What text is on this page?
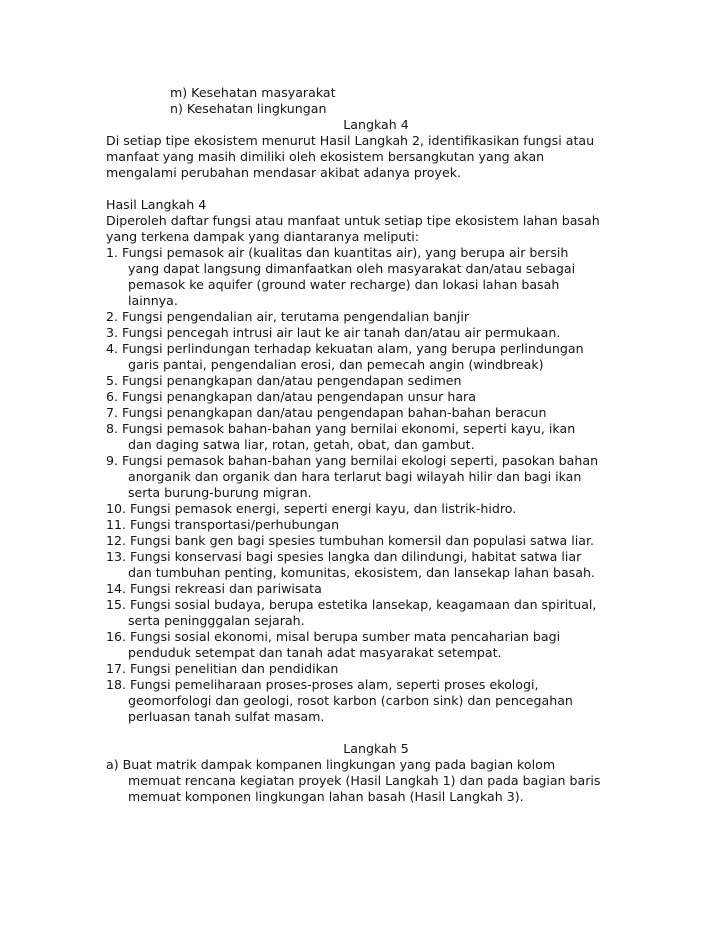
m) Kesehatan masyarakat
n) Kesehatan lingkungan
Langkah 4
Di setiap tipe ekosistem menurut Hasil Langkah 2, identifikasikan fungsi atau
manfaat yang masih dimiliki oleh ekosistem bersangkutan yang akan
mengalami perubahan mendasar akibat adanya proyek.
Hasil Langkah 4
Diperoleh daftar fungsi atau manfaat untuk setiap tipe ekosistem lahan basah
yang terkena dampak yang diantaranya meliputi:
1. Fungsi pemasok air (kualitas dan kuantitas air), yang berupa air bersih
yang dapat langsung dimanfaatkan oleh masyarakat dan/atau sebagai
pemasok ke aquifer (ground water recharge) dan lokasi lahan basah
lainnya.
2. Fungsi pengendalian air, terutama pengendalian banjir
3. Fungsi pencegah intrusi air laut ke air tanah dan/atau air permukaan.
4. Fungsi perlindungan terhadap kekuatan alam, yang berupa perlindungan
garis pantai, pengendalian erosi, dan pemecah angin (windbreak)
5. Fungsi penangkapan dan/atau pengendapan sedimen
6. Fungsi penangkapan dan/atau pengendapan unsur hara
7. Fungsi penangkapan dan/atau pengendapan bahan-bahan beracun
8. Fungsi pemasok bahan-bahan yang bernilai ekonomi, seperti kayu, ikan
dan daging satwa liar, rotan, getah, obat, dan gambut.
9. Fungsi pemasok bahan-bahan yang bernilai ekologi seperti, pasokan bahan
anorganik dan organik dan hara terlarut bagi wilayah hilir dan bagi ikan
serta burung-burung migran.
10. Fungsi pemasok energi, seperti energi kayu, dan listrik-hidro.
11. Fungsi transportasi/perhubungan
12. Fungsi bank gen bagi spesies tumbuhan komersil dan populasi satwa liar.
13. Fungsi konservasi bagi spesies langka dan dilindungi, habitat satwa liar
dan tumbuhan penting, komunitas, ekosistem, dan lansekap lahan basah.
14. Fungsi rekreasi dan pariwisata
15. Fungsi sosial budaya, berupa estetika lansekap, keagamaan dan spiritual,
serta peningggalan sejarah.
16. Fungsi sosial ekonomi, misal berupa sumber mata pencaharian bagi
penduduk setempat dan tanah adat masyarakat setempat.
17. Fungsi penelitian dan pendidikan
18. Fungsi pemeliharaan proses-proses alam, seperti proses ekologi,
geomorfologi dan geologi, rosot karbon (carbon sink) dan pencegahan
perluasan tanah sulfat masam.
Langkah 5
a) Buat matrik dampak kompanen lingkungan yang pada bagian kolom
memuat rencana kegiatan proyek (Hasil Langkah 1) dan pada bagian baris
memuat komponen lingkungan lahan basah (Hasil Langkah 3).
